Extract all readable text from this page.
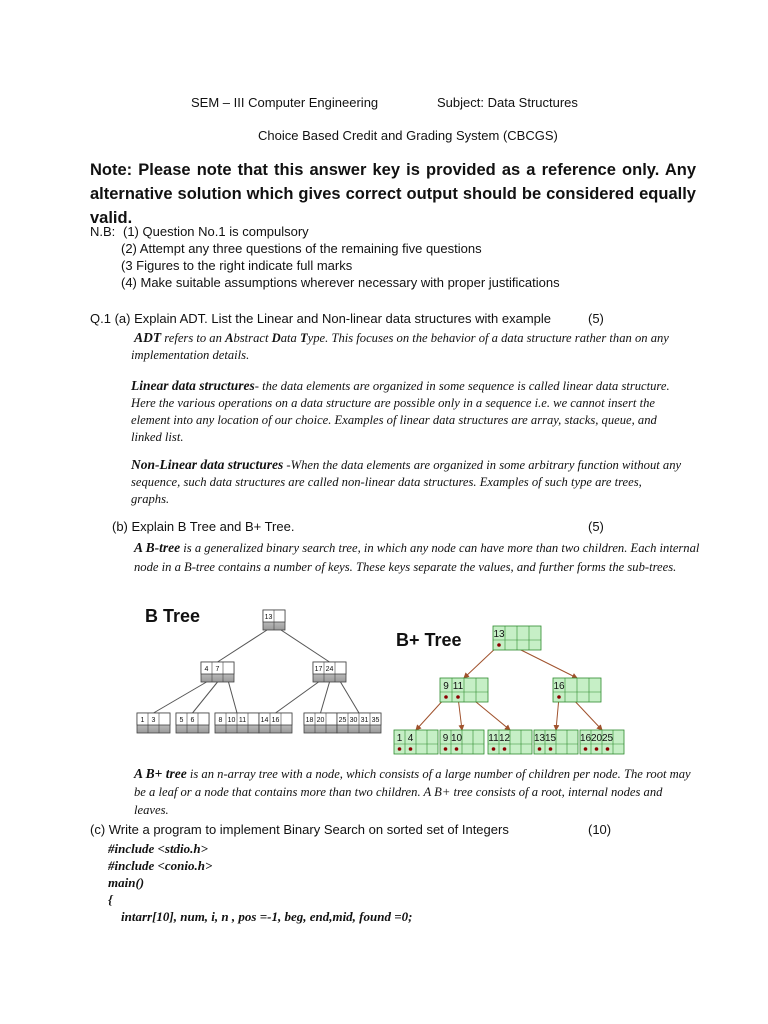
SEM – III Computer Engineering	Subject: Data Structures
Choice Based Credit and Grading System (CBCGS)
Note: Please note that this answer key is provided as a reference only. Any alternative solution which gives correct output should be considered equally valid.
N.B: (1) Question No.1 is compulsory
(2) Attempt any three questions of the remaining five questions
(3 Figures to the right indicate full marks
(4) Make suitable assumptions wherever necessary with proper justifications
Q.1 (a) Explain ADT. List the Linear and Non-linear data structures with example	(5)
ADT refers to an Abstract Data Type. This focuses on the behavior of a data structure rather than on any implementation details.
Linear data structures- the data elements are organized in some sequence is called linear data structure. Here the various operations on a data structure are possible only in a sequence i.e. we cannot insert the element into any location of our choice. Examples of linear data structures are array, stacks, queue, and linked list.
Non-Linear data structures -When the data elements are organized in some arbitrary function without any sequence, such data structures are called non-linear data structures. Examples of such type are trees, graphs.
(b) Explain B Tree and B+ Tree.	(5)
A B-tree is a generalized binary search tree, in which any node can have more than two children. Each internal node in a B-tree contains a number of keys. These keys separate the values, and further forms the sub-trees.
B Tree	13
4 7	17 24
1 3	5 6	8 10 11 14 16	18 20 25 30 31 35
B+ Tree	13
9 11	16
1 4	9 10	11 12 13 15 16 20 25
A B+ tree is an n-array tree with a node, which consists of a large number of children per node. The root may be a leaf or a node that contains more than two children. A B+ tree consists of a root, internal nodes and leaves.
(c) Write a program to implement Binary Search on sorted set of Integers	(10)
#include <stdio.h>
#include <conio.h>
main()
{
intarr[10], num, i, n , pos =-1, beg, end,mid, found =0;
